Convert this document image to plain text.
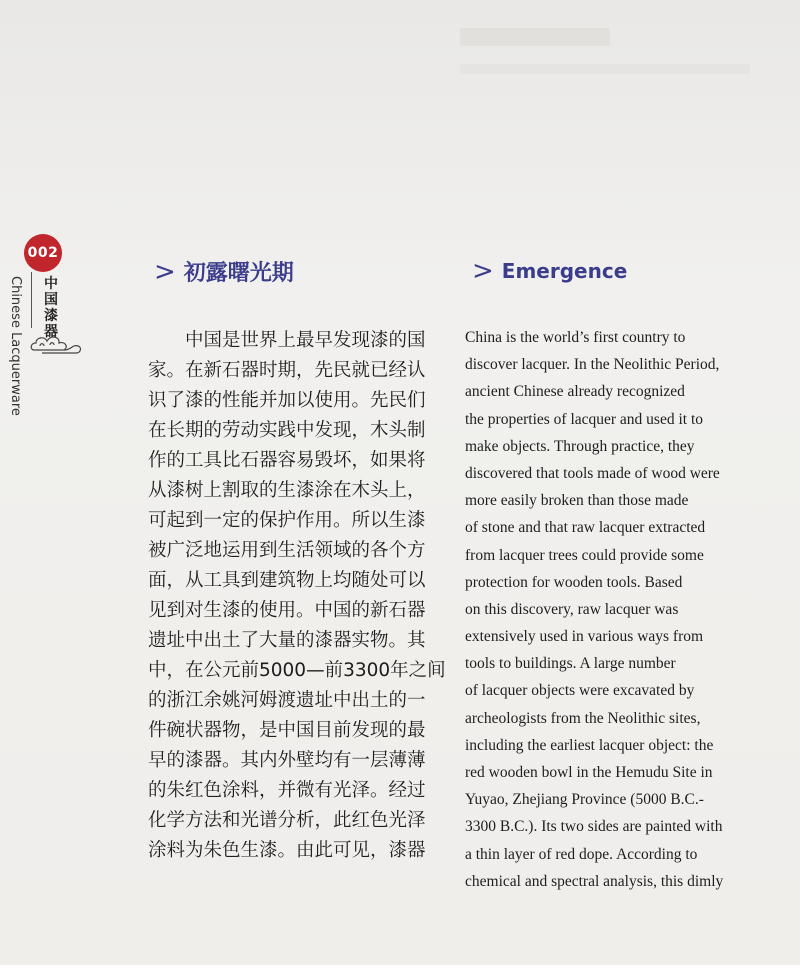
002
中国漆器
Chinese Lacquerware
> 初露曙光期
中国是世界上最早发现漆的国
家。在新石器时期，先民就已经认
识了漆的性能并加以使用。先民们
在长期的劳动实践中发现，木头制
作的工具比石器容易毁坏，如果将
从漆树上割取的生漆涂在木头上，
可起到一定的保护作用。所以生漆
被广泛地运用到生活领域的各个方
面，从工具到建筑物上均随处可以
见到对生漆的使用。中国的新石器
遗址中出土了大量的漆器实物。其
中，在公元前5000—前3300年之间
的浙江余姚河姆渡遗址中出土的一
件碗状器物，是中国目前发现的最
早的漆器。其内外壁均有一层薄薄
的朱红色涂料，并微有光泽。经过
化学方法和光谱分析，此红色光泽
涂料为朱色生漆。由此可见，漆器
> Emergence
China is the world’s first country to
discover lacquer. In the Neolithic Period,
ancient Chinese already recognized
the properties of lacquer and used it to
make objects. Through practice, they
discovered that tools made of wood were
more easily broken than those made
of stone and that raw lacquer extracted
from lacquer trees could provide some
protection for wooden tools. Based
on this discovery, raw lacquer was
extensively used in various ways from
tools to buildings. A large number
of lacquer objects were excavated by
archeologists from the Neolithic sites,
including the earliest lacquer object: the
red wooden bowl in the Hemudu Site in
Yuyao, Zhejiang Province (5000 B.C.-
3300 B.C.). Its two sides are painted with
a thin layer of red dope. According to
chemical and spectral analysis, this dimly
